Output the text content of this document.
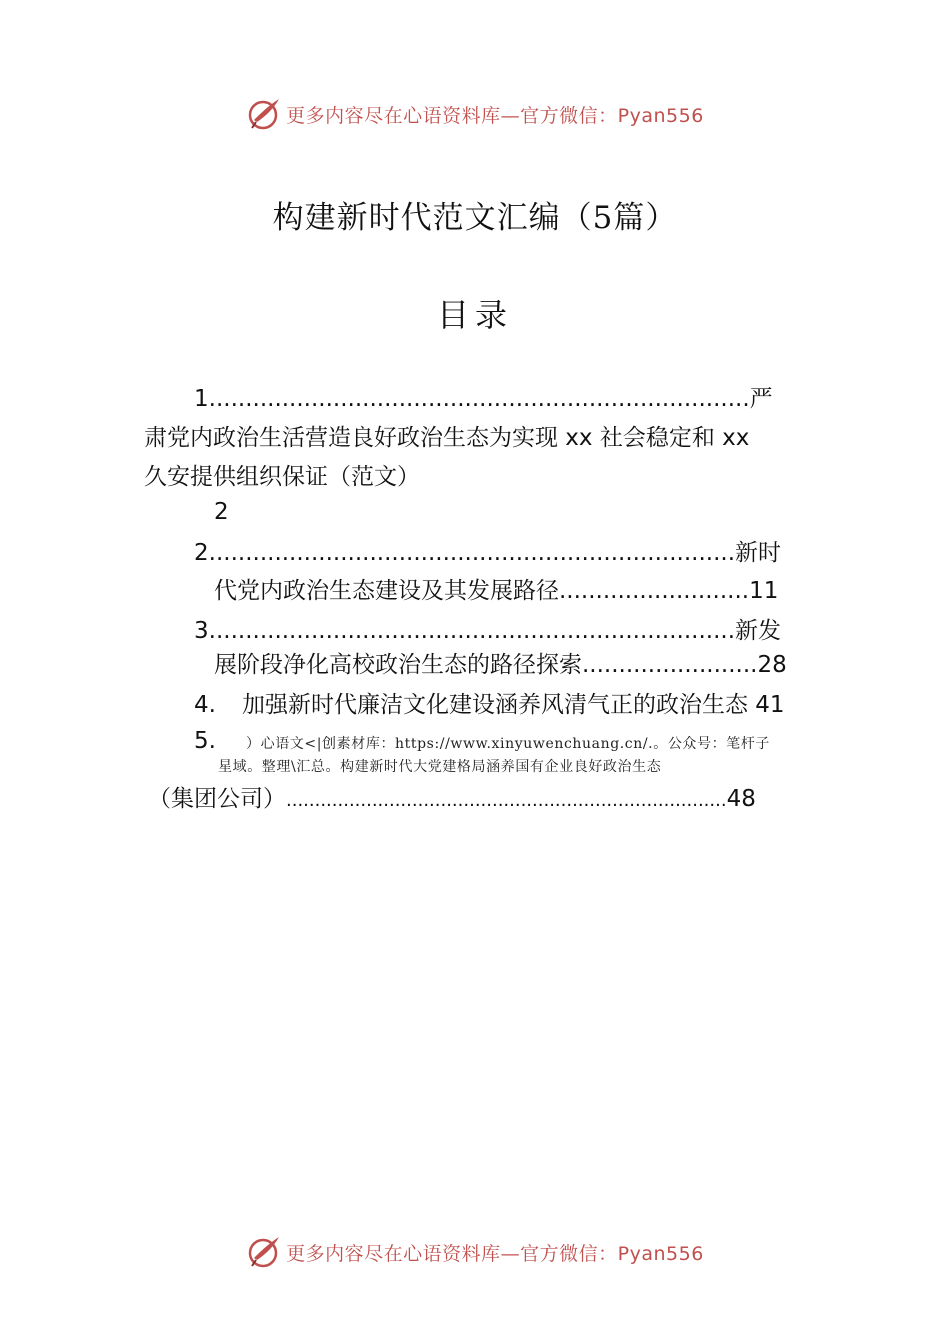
更多内容尽在心语资料库—官方微信：Pyan556
构建新时代范文汇编（5篇）
目录
1..........................................................................严
肃党内政治生活营造良好政治生态为实现 xx 社会稳定和 xx
久安提供组织保证（范文）
2
2........................................................................新时
代党内政治生态建设及其发展路径..........................11
3........................................................................新发
展阶段净化高校政治生态的路径探索........................28
4. 加强新时代廉洁文化建设涵养风清气正的政治生态 41
5. ）心语文<|创素材库：https://www.xinyuwenchuang.cn/.。公众号：笔杆子
星域。整理\汇总。构建新时代大党建格局涵养国有企业良好政治生态
（集团公司）.............................................................................48
更多内容尽在心语资料库—官方微信：Pyan556
